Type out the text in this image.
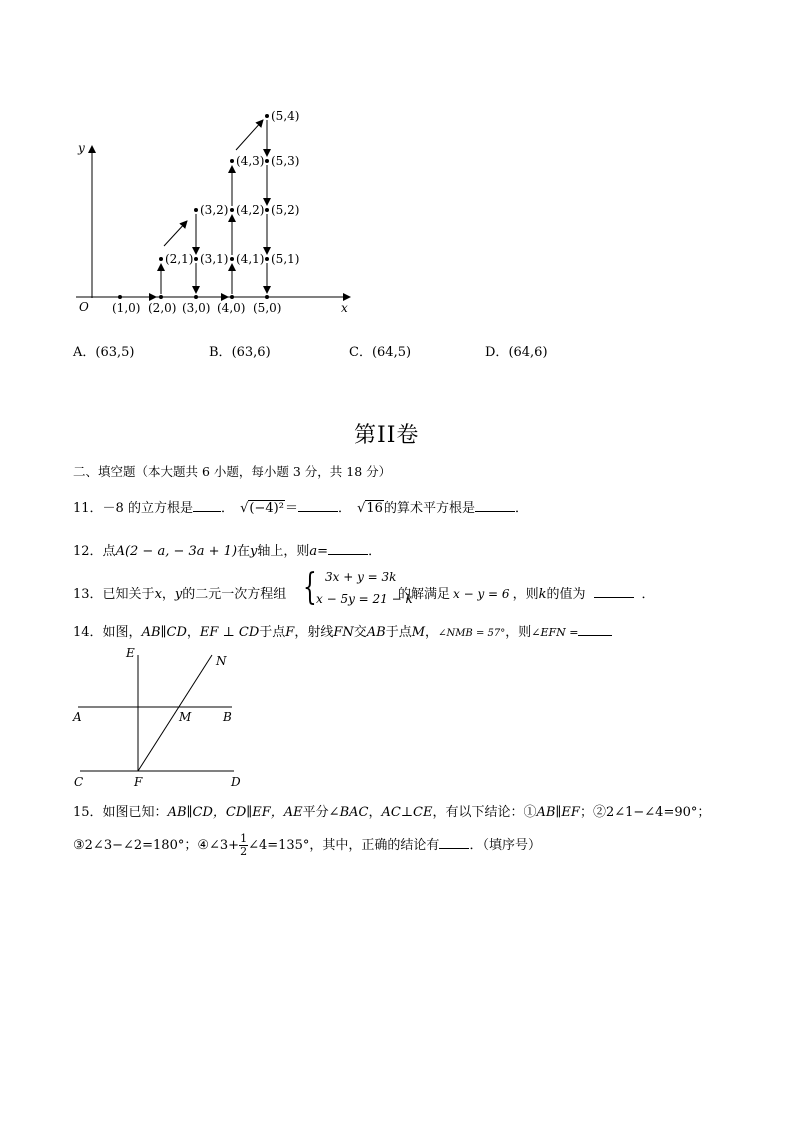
y
x
O (1,0) (2,0) (3,0) (4,0) (5,0)
(2,1) (3,1) (4,1) (5,1)
(3,2) (4,2) (5,2)
(4,3) (5,3)
(5,4)
A．(63,5)	B．(63,6)	C．(64,5)	D．(64,6)
第II卷
二、填空题（本大题共 6 小题，每小题 3 分，共 18 分）
11．－8 的立方根是 ． √(−4)²＝	． √16的算术平方根是	．
12．点A(2 − a, − 3a + 1)在y轴上，则a=	．
13．已知关于x，y的二元一次方程组 { 3x + y = 3k
x − 5y = 21 − k
的解满足 x − y = 6 ，则k的值为	．
14．如图，AB∥CD，EF ⊥ CD于点F，射线FN交AB于点M，∠NMB = 57°，则∠EFN =
E
N
A	M	B
C	F	D
15．如图已知：AB∥CD，CD∥EF，AE平分∠BAC，AC⊥CE，有以下结论：①AB∥EF；②2∠1−∠4=90°；
③2∠3−∠2=180°；④∠3+ $\frac{1}{2}$ ∠4=135°，其中，正确的结论有 ．（填序号）
